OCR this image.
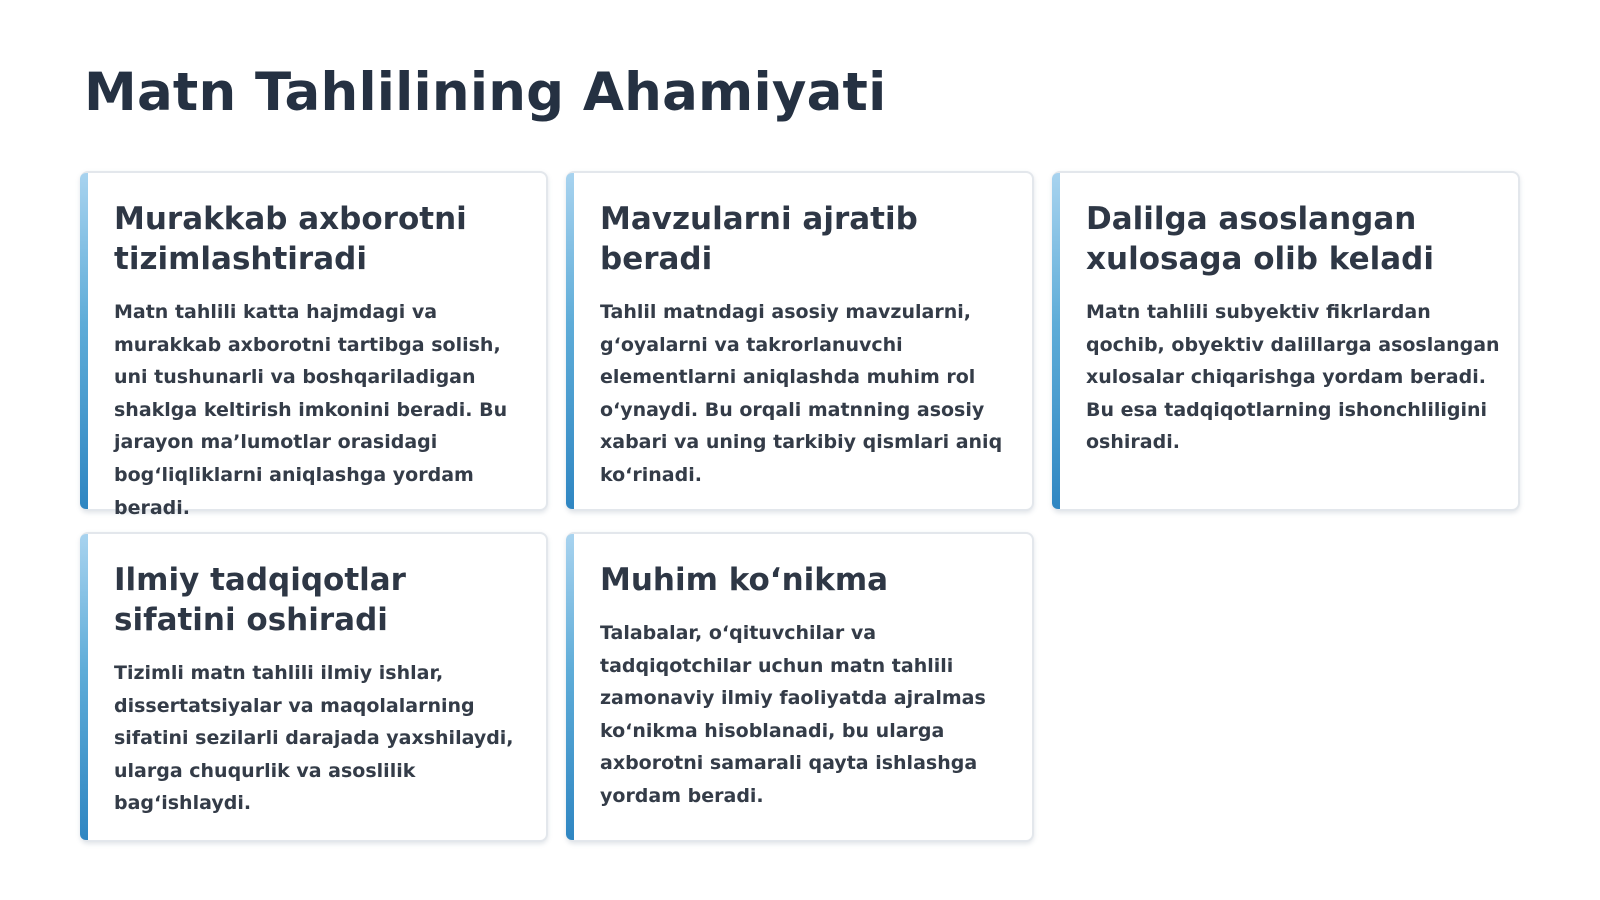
Matn Tahlilining Ahamiyati
Murakkab axborotni tizimlashtiradi

Matn tahlili katta hajmdagi va murakkab axborotni tartibga solish, uni tushunarli va boshqariladigan shaklga keltirish imkonini beradi. Bu jarayon ma’lumotlar orasidagi bog‘liqliklarni aniqlashga yordam beradi.

Mavzularni ajratib beradi

Tahlil matndagi asosiy mavzularni, g‘oyalarni va takrorlanuvchi elementlarni aniqlashda muhim rol o‘ynaydi. Bu orqali matnning asosiy xabari va uning tarkibiy qismlari aniq ko‘rinadi.

Dalilga asoslangan xulosaga olib keladi

Matn tahlili subyektiv fikrlardan qochib, obyektiv dalillarga asoslangan xulosalar chiqarishga yordam beradi. Bu esa tadqiqotlarning ishonchliligini oshiradi.

Ilmiy tadqiqotlar sifatini oshiradi

Tizimli matn tahlili ilmiy ishlar, dissertatsiyalar va maqolalarning sifatini sezilarli darajada yaxshilaydi, ularga chuqurlik va asoslilik bag‘ishlaydi.

Muhim ko‘nikma

Talabalar, o‘qituvchilar va tadqiqotchilar uchun matn tahlili zamonaviy ilmiy faoliyatda ajralmas ko‘nikma hisoblanadi, bu ularga axborotni samarali qayta ishlashga yordam beradi.
